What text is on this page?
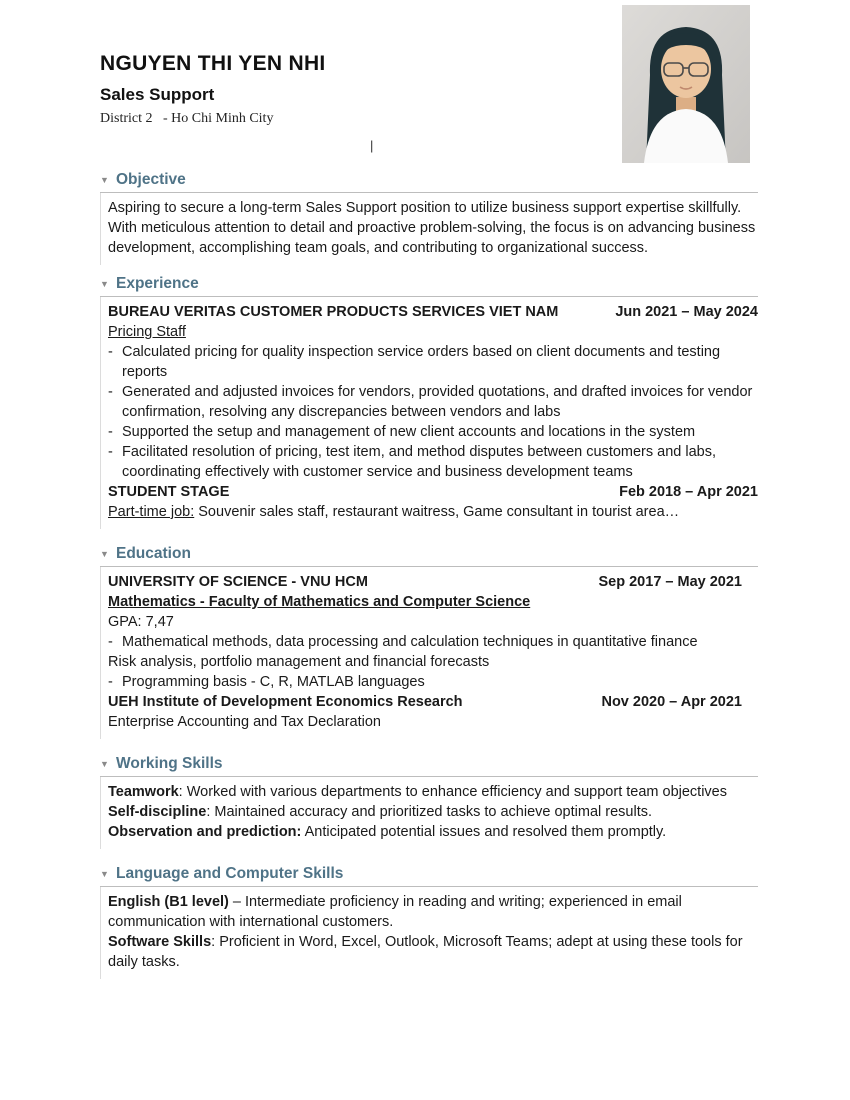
NGUYEN THI YEN NHI
Sales Support
District 2   - Ho Chi Minh City
|
▼ Objective
Aspiring to secure a long-term Sales Support position to utilize business support expertise skillfully. With meticulous attention to detail and proactive problem-solving, the focus is on advancing business development, accomplishing team goals, and contributing to organizational success.
▼ Experience
BUREAU VERITAS CUSTOMER PRODUCTS SERVICES VIET NAM	Jun 2021 – May 2024
Pricing Staff
- Calculated pricing for quality inspection service orders based on client documents and testing reports
- Generated and adjusted invoices for vendors, provided quotations, and drafted invoices for vendor confirmation, resolving any discrepancies between vendors and labs
- Supported the setup and management of new client accounts and locations in the system
- Facilitated resolution of pricing, test item, and method disputes between customers and labs, coordinating effectively with customer service and business development teams
STUDENT STAGE	Feb 2018 – Apr 2021
Part-time job: Souvenir sales staff, restaurant waitress, Game consultant in tourist area…
▼ Education
UNIVERSITY OF SCIENCE - VNU HCM	Sep 2017 – May 2021
Mathematics - Faculty of Mathematics and Computer Science
GPA: 7,47
- Mathematical methods, data processing and calculation techniques in quantitative finance
Risk analysis, portfolio management and financial forecasts
- Programming basis - C, R, MATLAB languages
UEH Institute of Development Economics Research	Nov 2020 – Apr 2021
Enterprise Accounting and Tax Declaration
▼ Working Skills
Teamwork: Worked with various departments to enhance efficiency and support team objectives
Self-discipline: Maintained accuracy and prioritized tasks to achieve optimal results.
Observation and prediction: Anticipated potential issues and resolved them promptly.
▼ Language and Computer Skills
English (B1 level) – Intermediate proficiency in reading and writing; experienced in email communication with international customers.
Software Skills: Proficient in Word, Excel, Outlook, Microsoft Teams; adept at using these tools for daily tasks.
